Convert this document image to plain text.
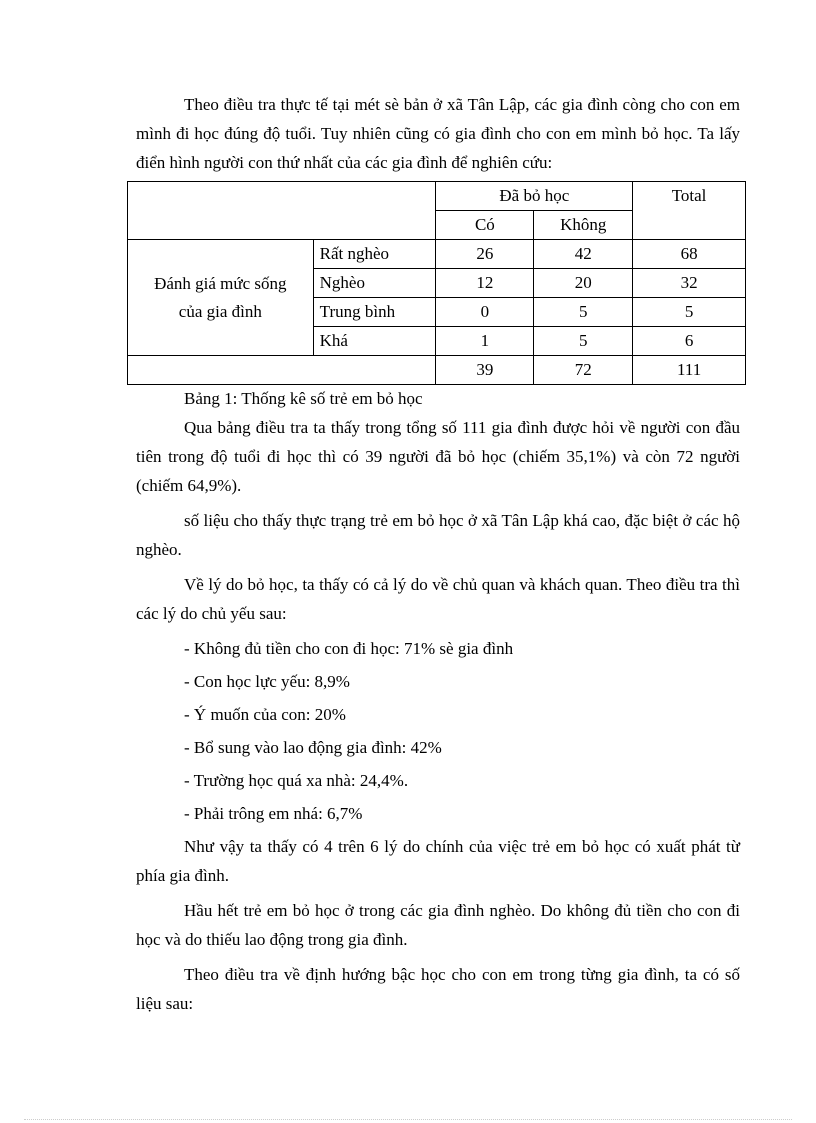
Theo điều tra thực tế tại mét sè bản ở xã Tân Lập, các gia đình còng cho con em mình đi học đúng độ tuổi. Tuy nhiên cũng có gia đình cho con em mình bỏ học. Ta lấy điển hình người con thứ nhất của các gia đình để nghiên cứu:

		Đã bỏ học		Total
		Có	Không	
Đánh giá mức sống của gia đình	Rất nghèo	26	42	68
	Nghèo	12	20	32
	Trung bình	0	5	5
	Khá	1	5	6
		39	72	111
Bảng 1: Thống kê số trẻ em bỏ học

Qua bảng điều tra ta thấy trong tổng số 111 gia đình được hỏi về người con đầu tiên trong độ tuổi đi học thì có 39 người đã bỏ học (chiếm 35,1%) và còn 72 người (chiếm 64,9%).

số liệu cho thấy thực trạng trẻ em bỏ học ở xã Tân Lập khá cao, đặc biệt ở các hộ nghèo.

Về lý do bỏ học, ta thấy có cả lý do về chủ quan và khách quan. Theo điều tra thì các lý do chủ yếu sau:

- Không đủ tiền cho con đi học: 71% sè gia đình

- Con học lực yếu: 8,9%

- Ý muốn của con: 20%

- Bổ sung vào lao động gia đình: 42%

- Trường học quá xa nhà: 24,4%.

- Phải trông em nhá: 6,7%

Như vậy ta thấy có 4 trên 6 lý do chính của việc trẻ em bỏ học có xuất phát từ phía gia đình.

Hầu hết trẻ em bỏ học ở trong các gia đình nghèo. Do không đủ tiền cho con đi học và do thiếu lao động trong gia đình.

Theo điều tra về định hướng bậc học cho con em trong từng gia đình, ta có số liệu sau:
